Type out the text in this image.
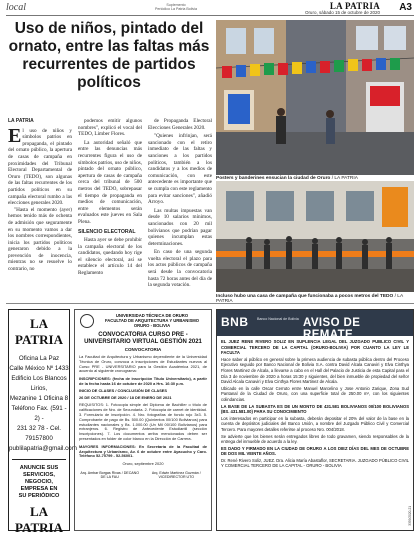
local	Suplemento
Periódico La Patria Bolivia	LA PATRIA
Oruro, sábado 15 de octubre de 2020 A3
Uso de niños, pintado del ornato, entre las faltas más recurrentes de partidos políticos
LA PATRIA
E l uso de niños y símbolos patrios en propaganda, el pintado del ornato público, la apertura de casas de campaña en proximidades del Tribunal Electoral Departamental de Oruro (TEDO), son algunas de las faltas recurrentes de los partidos políticos en su campaña electoral rumbo a las elecciones generales 2020.

"Hasta el momento (ayer) hemos tenido más de ochenta de admisión que seguramente en su momento vamos a dar los nombres correspondientes, inicia los partidos políticos generaron debido a la prevención de inocencia, mientras no se resuelve lo contrario, no

podemos emitir algunos nombres", explicó el vocal del TEDO, Limber Flores.

La autoridad señaló que entre las denuncias más recurrentes figura el uso de símbolos patrios, uso de niños, pintado del ornato público, apertura de casas de campaña cerca del tribunal de 500 metros del TEDO, sobrepasar el tiempo de propaganda en medios de comunicación, entre elementos serán evaluados este jueves en Sala Plena.

SILENCIO ELECTORAL

Hasta ayer se debe prohibir la campaña electoral de los candidatos, quedando hoy rige el silencio electoral, así se establece el artículo 14 del Reglamento

de Propaganda Electoral Elecciones Generales 2020.

"Quienes infrinjan, será sancionado con el retiro inmediato de las faltas y sanciones a los partidos políticos, también a los candidatos y a los medios de comunicación, con este antecedente es importante que se cumpla con este reglamento para evitar sanciones", añadió Arroyo.

Las multas impuestas van desde 10 salarios mínimos, sancionados con 20 mil bolivianos que podrían pagar quienes incumplan estas determinaciones.

En caso de una segunda vuelta electoral el plazo para los actos públicos de campaña será desde la convocatoria hasta 72 horas antes del día de la segunda votación.

Posters y banderines ensucian la ciudad de Oruro / LA PATRIA
Incluso hubo una casa de campaña que funcionaba a pocos metros del TEDO / LA PATRIA
LA PATRIA
Oficina La Paz
Calle México Nº 1433
Edificio Los Blancos Lirios,
Mezanine 1 Oficina 8
Teléfono Fax. (591 - 2) -
231 32 78 - Cel. 79157800
publilapatria@gmail.com
ANUNCIE SUS
SERVICIOS,
NEGOCIO,
EMPRESA EN
SU PERIÓDICO
LA PATRIA
UNIVERSIDAD TÉCNICA DE ORURO
FACULTAD DE ARQUITECTURA Y URBANISMO
ORURO - BOLIVIA
CONVOCATORIA CURSO PRE - UNIVERSITARIO VIRTUAL GESTIÓN 2021
CONVOCATORIA
La Facultad de Arquitectura y Urbanismo dependiente de la Universidad Técnica de Oruro, convoca a inscripciones de Estudiantes nuevos al Curso PRE - UNIVERSITARIO para la Gestión Académica 2021, de acuerdo al siguiente cronograma:
INSCRIPCIONES: (fecha de inscripción Titulo Universitario), a partir de la fecha hasta 16 de octubre de 2020 a Hrs. 16:30 p.m.
INICIO DE CLASES / CONCLUSIÓN DE CLASES
26 DE OCTUBRE DE 2020 / 18 DE ENERO DE 2021
REQUISITOS: 1. Fotocopia simple del Diploma de Bachiller o título de calificaciones de Nro. de Secundaria. 2. Fotocopia de carnet de identidad. 3. Formulario de inscripción. 4. Nro. fotografías de fondo rojo 3x3. 5. Comprobante de pago de Bs. 500.00 (Quinientos 00/100 Bolivianos) para estudiantes nacionales y Bs. 1.000.00 (Un Mil 00/100 Bolivianos) para extranjeros. 6. Registro de Antecedente Estudiantil (sección Inscripciones). 7. Los documentos arriba mencionados deben ser presentados en folder de color blanco en la Dirección de Carrera.
MAYORES INFORMACIONES: En Secretaría de la Facultad de Arquitectura y Urbanismo, Av. 6 de octubre entre Ayacucho y Caro. Teléfono 52-75799 - 52-56001.
Oruro, septiembre 2020
Arq. Ambar Borgas Rivas / DECANO DE LA FAU
Arq. Edwin Martínez Guzmán / VICEDIRECTOR UTO
BNB Banco Nacional de Bolivia AVISO DE REMATE

EL JUEZ RENE RIVERO SOLIZ EN SUPLENCIA LEGAL DEL JUZGADO PUBLICO CIVIL Y COMERCIAL TERCERO DE LA CAPITAL (ORURO-BOLIVIA) POR CUANTO LA LEY LE FACULTA

Hace saber al público en general sobre la primera audiencia de subasta pública dentro del Proceso Ejecutivo seguido por Banco Nacional de Bolivia S.A. contra David Alcala Canaviri y Elva Cinthya Flores Martinez de Alcala, a llevarse a cabo en el Hall del Palacio de Justicia de esta Capital para el Día 3 de noviembre de 2020 a horas 15:30 y siguientes, del bien inmueble de propiedad del señor David Alcala Canaviri y Elva Cinthya Flores Martinez de Alcala.

Ubicado en la calle Oscar Cerruto entre Manuel Marcelino y Jose Antonio Zarique, Zona Sud Pantanal de la Ciudad de Oruro, con una superficie total de 250.00 m², con los siguientes colindancias.

LA BASE DE LA SUBASTA ES DE UN MONTO DE 431.581 BOLIVIANOS 00/100 BOLIVIANOS (BS. 431.581.00) PARA SU CONOCIMIENTO

Los interesados en participar en la subasta, deberán depositar el 20% del valor de la base en la cuenta de depósitos judiciales del Banco Unión, a nombre del Juzgado Público Civil y Comercial Tercero. Para mayores detalles referirse al proceso Nro. 004/2018.

Se advierte que los bienes serán entregados libres de todo gravamen, siendo responsables de la entrega del inmueble de acuerdo a la ley.

ES DADO Y FIRMADO EN LA CIUDAD DE ORURO A LOS DIEZ DÍAS DEL MES DE OCTUBRE DE DOS MIL VEINTE AÑOS.

Dr. René Rivero Soliz, JUEZ. Dra. Alicia María Abastaflor, SECRETARIA. JUZGADO PÚBLICO CIVIL Y COMERCIAL TERCERO DE LA CAPITAL - ORURO - BOLIVIA

3359/2020-21
